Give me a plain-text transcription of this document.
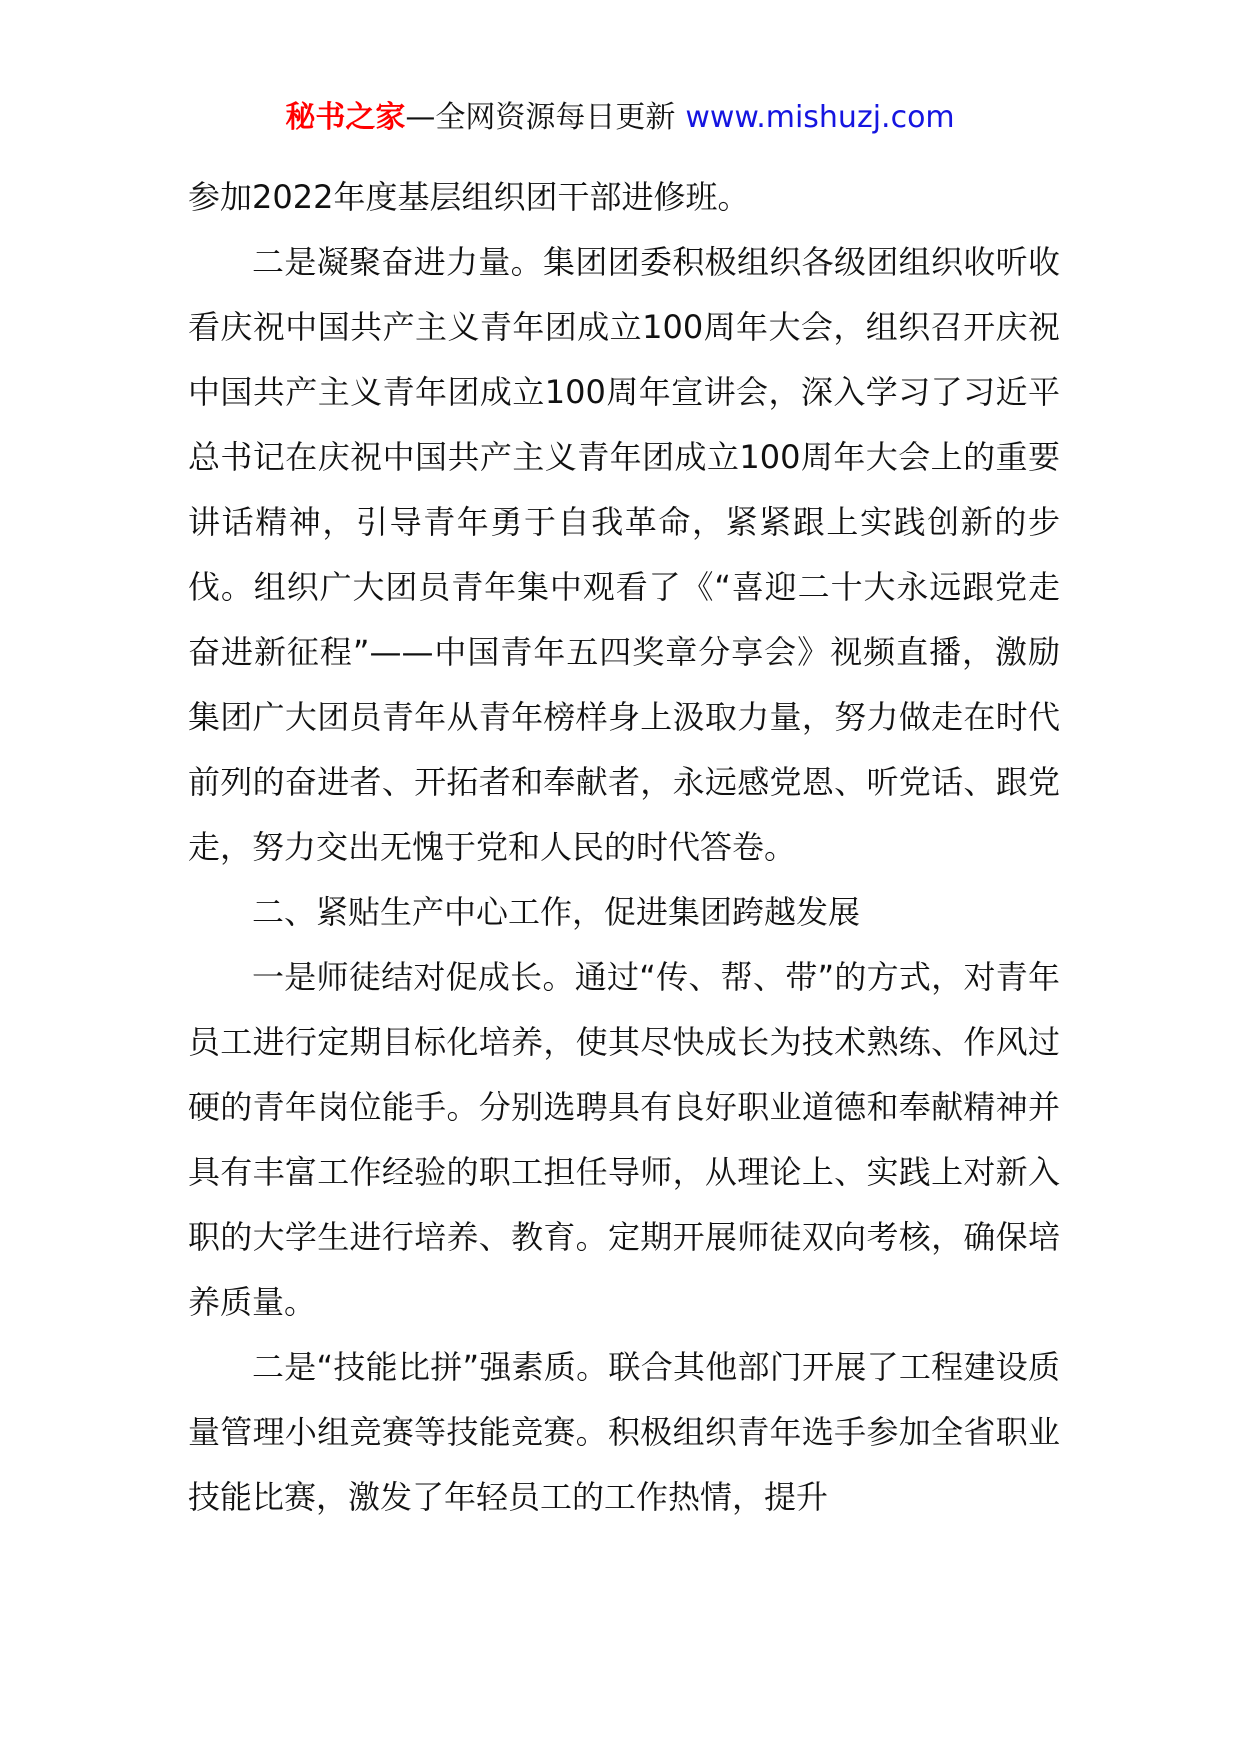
秘书之家—全网资源每日更新 www.mishuzj.com

参加2022年度基层组织团干部进修班。

二是凝聚奋进力量。集团团委积极组织各级团组织收听收看庆祝中国共产主义青年团成立100周年大会，组织召开庆祝中国共产主义青年团成立100周年宣讲会，深入学习了习近平总书记在庆祝中国共产主义青年团成立100周年大会上的重要讲话精神，引导青年勇于自我革命，紧紧跟上实践创新的步伐。组织广大团员青年集中观看了《“喜迎二十大永远跟党走奋进新征程”——中国青年五四奖章分享会》视频直播，激励集团广大团员青年从青年榜样身上汲取力量，努力做走在时代前列的奋进者、开拓者和奉献者，永远感党恩、听党话、跟党走，努力交出无愧于党和人民的时代答卷。

二、紧贴生产中心工作，促进集团跨越发展

一是师徒结对促成长。通过“传、帮、带”的方式，对青年员工进行定期目标化培养，使其尽快成长为技术熟练、作风过硬的青年岗位能手。分别选聘具有良好职业道德和奉献精神并具有丰富工作经验的职工担任导师，从理论上、实践上对新入职的大学生进行培养、教育。定期开展师徒双向考核，确保培养质量。

二是“技能比拼”强素质。联合其他部门开展了工程建设质量管理小组竞赛等技能竞赛。积极组织青年选手参加全省职业技能比赛，激发了年轻员工的工作热情，提升
